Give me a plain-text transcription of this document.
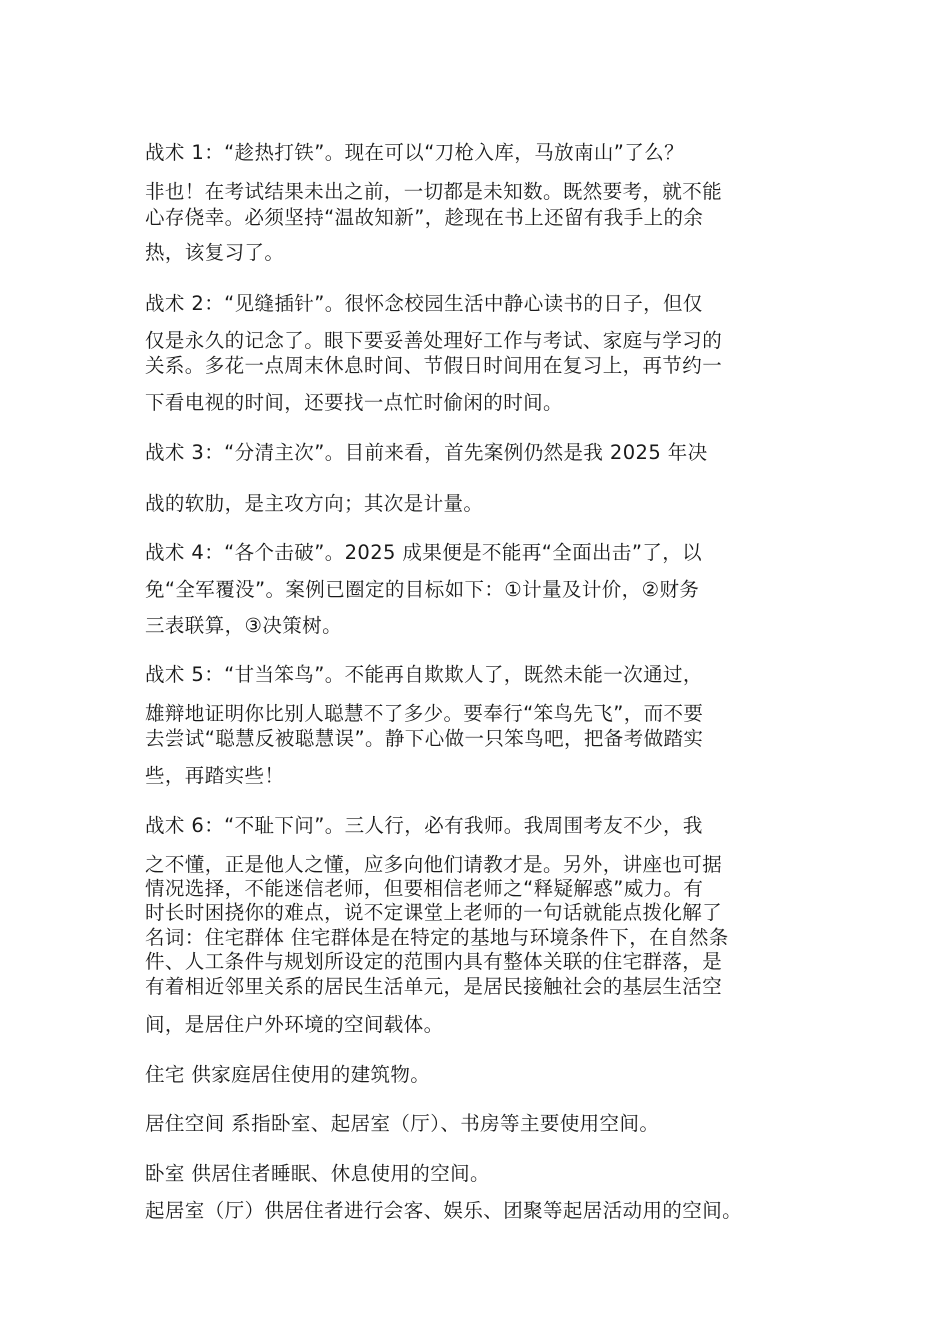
战术 1：“趁热打铁”。现在可以“刀枪入库，马放南山”了么？
非也！在考试结果未出之前，一切都是未知数。既然要考，就不能
心存侥幸。必须坚持“温故知新”，趁现在书上还留有我手上的余
热，该复习了。
战术 2：“见缝插针”。很怀念校园生活中静心读书的日子，但仅
仅是永久的记念了。眼下要妥善处理好工作与考试、家庭与学习的
关系。多花一点周末休息时间、节假日时间用在复习上，再节约一
下看电视的时间，还要找一点忙时偷闲的时间。
战术 3：“分清主次”。目前来看，首先案例仍然是我 2025 年决
战的软肋，是主攻方向；其次是计量。
战术 4：“各个击破”。2025 成果便是不能再“全面出击”了，以
免“全军覆没”。案例已圈定的目标如下：①计量及计价，②财务
三表联算，③决策树。
战术 5：“甘当笨鸟”。不能再自欺欺人了，既然未能一次通过，
雄辩地证明你比别人聪慧不了多少。要奉行“笨鸟先飞”，而不要
去尝试“聪慧反被聪慧误”。静下心做一只笨鸟吧，把备考做踏实
些，再踏实些！
战术 6：“不耻下问”。三人行，必有我师。我周围考友不少，我
之不懂，正是他人之懂，应多向他们请教才是。另外，讲座也可据
情况选择，不能迷信老师，但要相信老师之“释疑解惑”威力。有
时长时困挠你的难点，说不定课堂上老师的一句话就能点拨化解了
名词：住宅群体 住宅群体是在特定的基地与环境条件下，在自然条
件、人工条件与规划所设定的范围内具有整体关联的住宅群落，是
有着相近邻里关系的居民生活单元，是居民接触社会的基层生活空
间，是居住户外环境的空间载体。
住宅 供家庭居住使用的建筑物。
居住空间 系指卧室、起居室（厅）、书房等主要使用空间。
卧室 供居住者睡眠、休息使用的空间。
起居室（厅）供居住者进行会客、娱乐、团聚等起居活动用的空间。
